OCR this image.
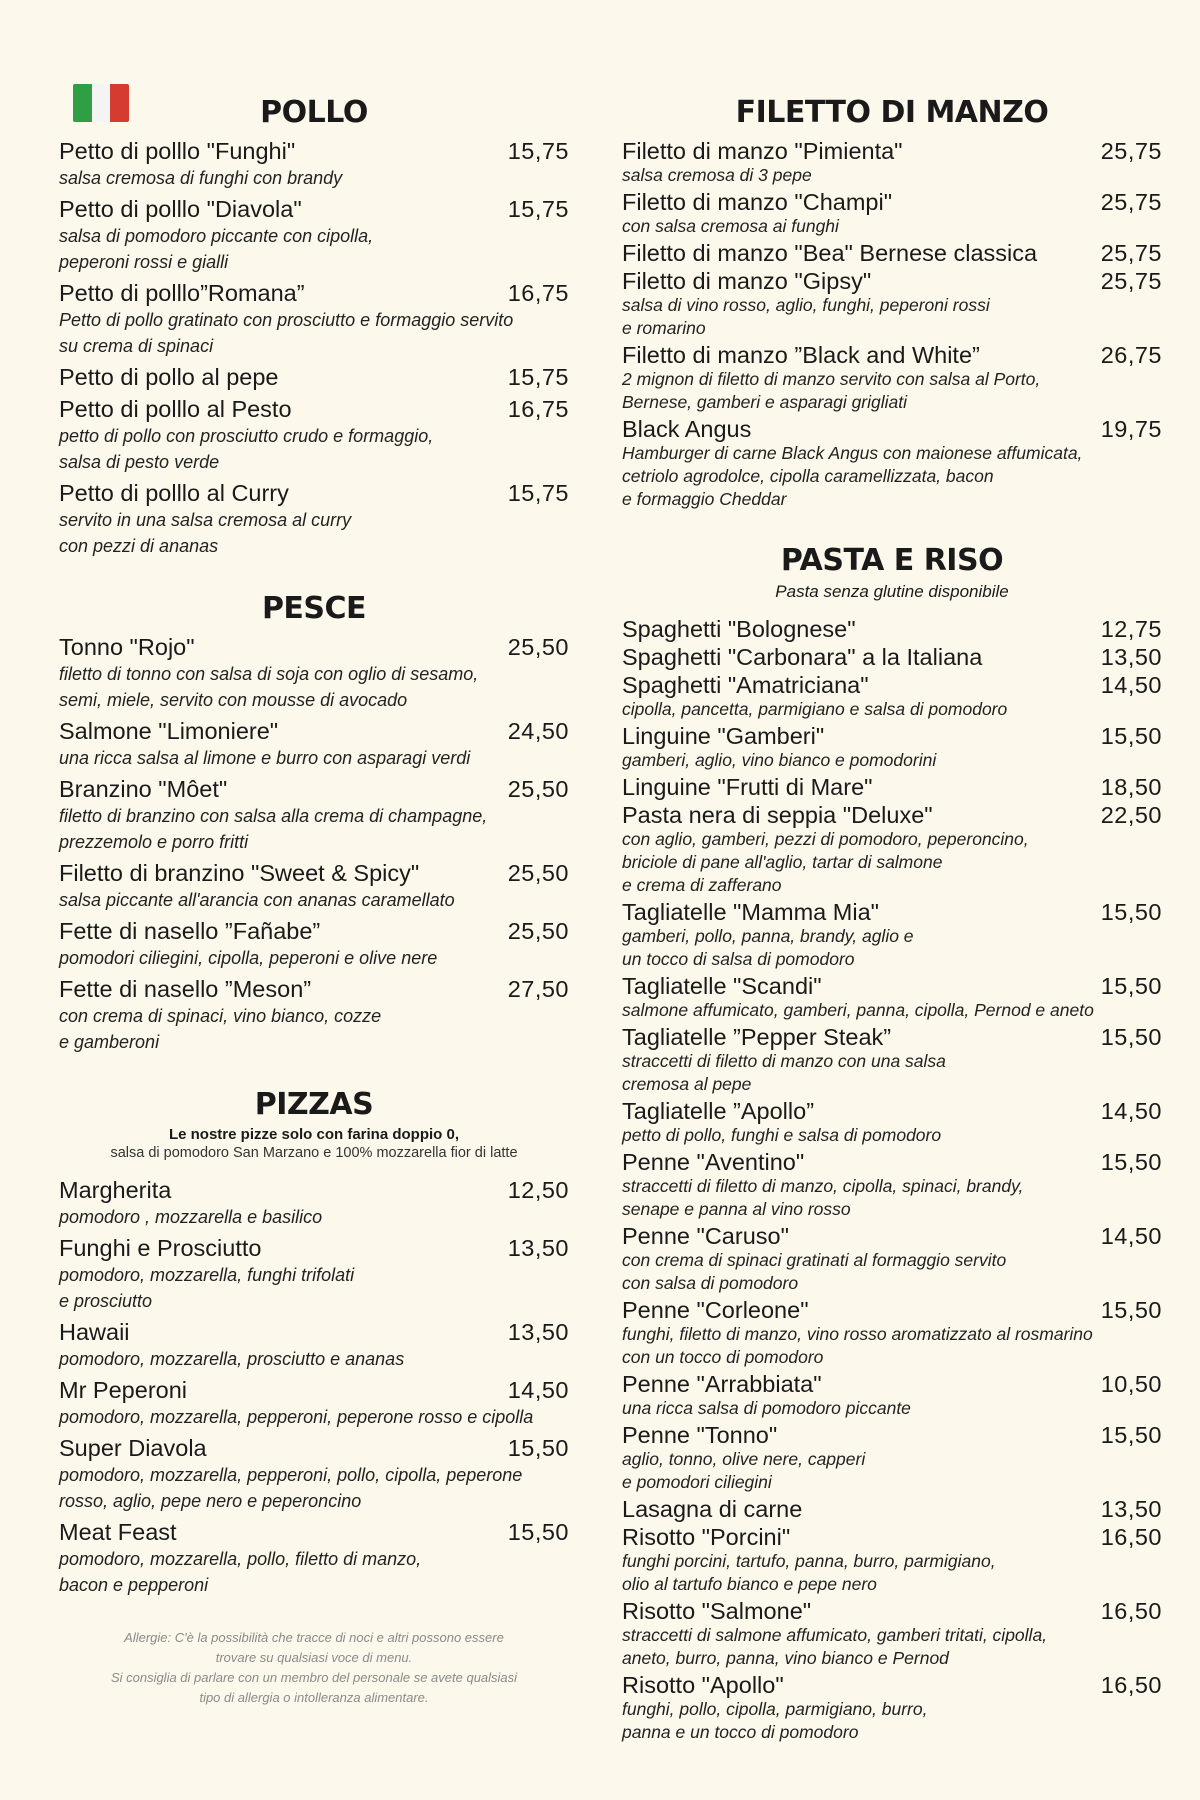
POLLO
Petto di polllo "Funghi"	15,75
salsa cremosa di funghi con brandy
Petto di polllo "Diavola"	15,75
salsa di pomodoro piccante con cipolla,
peperoni rossi e gialli
Petto di polllo”Romana”	16,75
Petto di pollo gratinato con prosciutto e formaggio servito
su crema di spinaci
Petto di pollo al pepe	15,75
Petto di polllo al Pesto	16,75
petto di pollo con prosciutto crudo e formaggio,
salsa di pesto verde
Petto di polllo al Curry	15,75
servito in una salsa cremosa al curry
con pezzi di ananas
PESCE
Tonno "Rojo"	25,50
filetto di tonno con salsa di soja con oglio di sesamo,
semi, miele, servito con mousse di avocado
Salmone "Limoniere"	24,50
una ricca salsa al limone e burro con asparagi verdi
Branzino "Môet"	25,50
filetto di branzino con salsa alla crema di champagne,
prezzemolo e porro fritti
Filetto di branzino "Sweet & Spicy"	25,50
salsa piccante all'arancia con ananas caramellato
Fette di nasello ”Fañabe”	25,50
pomodori ciliegini, cipolla, peperoni e olive nere
Fette di nasello ”Meson”	27,50
con crema di spinaci, vino bianco, cozze
e gamberoni
PIZZAS
Le nostre pizze solo con farina doppio 0,
salsa di pomodoro San Marzano e 100% mozzarella fior di latte
Margherita	12,50
pomodoro , mozzarella e basilico
Funghi e Prosciutto	13,50
pomodoro, mozzarella, funghi trifolati
e prosciutto
Hawaii	13,50
pomodoro, mozzarella, prosciutto e ananas
Mr Peperoni	14,50
pomodoro, mozzarella, pepperoni, peperone rosso e cipolla
Super Diavola	15,50
pomodoro, mozzarella, pepperoni, pollo, cipolla, peperone
rosso, aglio, pepe nero e peperoncino
Meat Feast	15,50
pomodoro, mozzarella, pollo, filetto di manzo,
bacon e pepperoni
Allergie: C'è la possibilità che tracce di noci e altri possono essere
trovare su qualsiasi voce di menu.
Si consiglia di parlare con un membro del personale se avete qualsiasi
tipo di allergia o intolleranza alimentare.
FILETTO DI MANZO
Filetto di manzo "Pimienta"	25,75
salsa cremosa di 3 pepe
Filetto di manzo "Champi"	25,75
con salsa cremosa ai funghi
Filetto di manzo "Bea" Bernese classica	25,75
Filetto di manzo "Gipsy"	25,75
salsa di vino rosso, aglio, funghi, peperoni rossi
e romarino
Filetto di manzo ”Black and White”	26,75
2 mignon di filetto di manzo servito con salsa al Porto,
Bernese, gamberi e asparagi grigliati
Black Angus	19,75
Hamburger di carne Black Angus con maionese affumicata,
cetriolo agrodolce, cipolla caramellizzata, bacon
e formaggio Cheddar
PASTA E RISO
Pasta senza glutine disponibile
Spaghetti "Bolognese"	12,75
Spaghetti "Carbonara" a la Italiana	13,50
Spaghetti "Amatriciana"	14,50
cipolla, pancetta, parmigiano e salsa di pomodoro
Linguine "Gamberi"	15,50
gamberi, aglio, vino bianco e pomodorini
Linguine "Frutti di Mare"	18,50
Pasta nera di seppia "Deluxe"	22,50
con aglio, gamberi, pezzi di pomodoro, peperoncino,
briciole di pane all'aglio, tartar di salmone
e crema di zafferano
Tagliatelle "Mamma Mia"	15,50
gamberi, pollo, panna, brandy, aglio e
un tocco di salsa di pomodoro
Tagliatelle "Scandi"	15,50
salmone affumicato, gamberi, panna, cipolla, Pernod e aneto
Tagliatelle ”Pepper Steak”	15,50
straccetti di filetto di manzo con una salsa
cremosa al pepe
Tagliatelle ”Apollo”	14,50
petto di pollo, funghi e salsa di pomodoro
Penne "Aventino"	15,50
straccetti di filetto di manzo, cipolla, spinaci, brandy,
senape e panna al vino rosso
Penne "Caruso"	14,50
con crema di spinaci gratinati al formaggio servito
con salsa di pomodoro
Penne "Corleone"	15,50
funghi, filetto di manzo, vino rosso aromatizzato al rosmarino
con un tocco di pomodoro
Penne "Arrabbiata"	10,50
una ricca salsa di pomodoro piccante
Penne "Tonno"	15,50
aglio, tonno, olive nere, capperi
e pomodori ciliegini
Lasagna di carne	13,50
Risotto "Porcini"	16,50
funghi porcini, tartufo, panna, burro, parmigiano,
olio al tartufo bianco e pepe nero
Risotto "Salmone"	16,50
straccetti di salmone affumicato, gamberi tritati, cipolla,
aneto, burro, panna, vino bianco e Pernod
Risotto "Apollo"	16,50
funghi, pollo, cipolla, parmigiano, burro,
panna e un tocco di pomodoro
